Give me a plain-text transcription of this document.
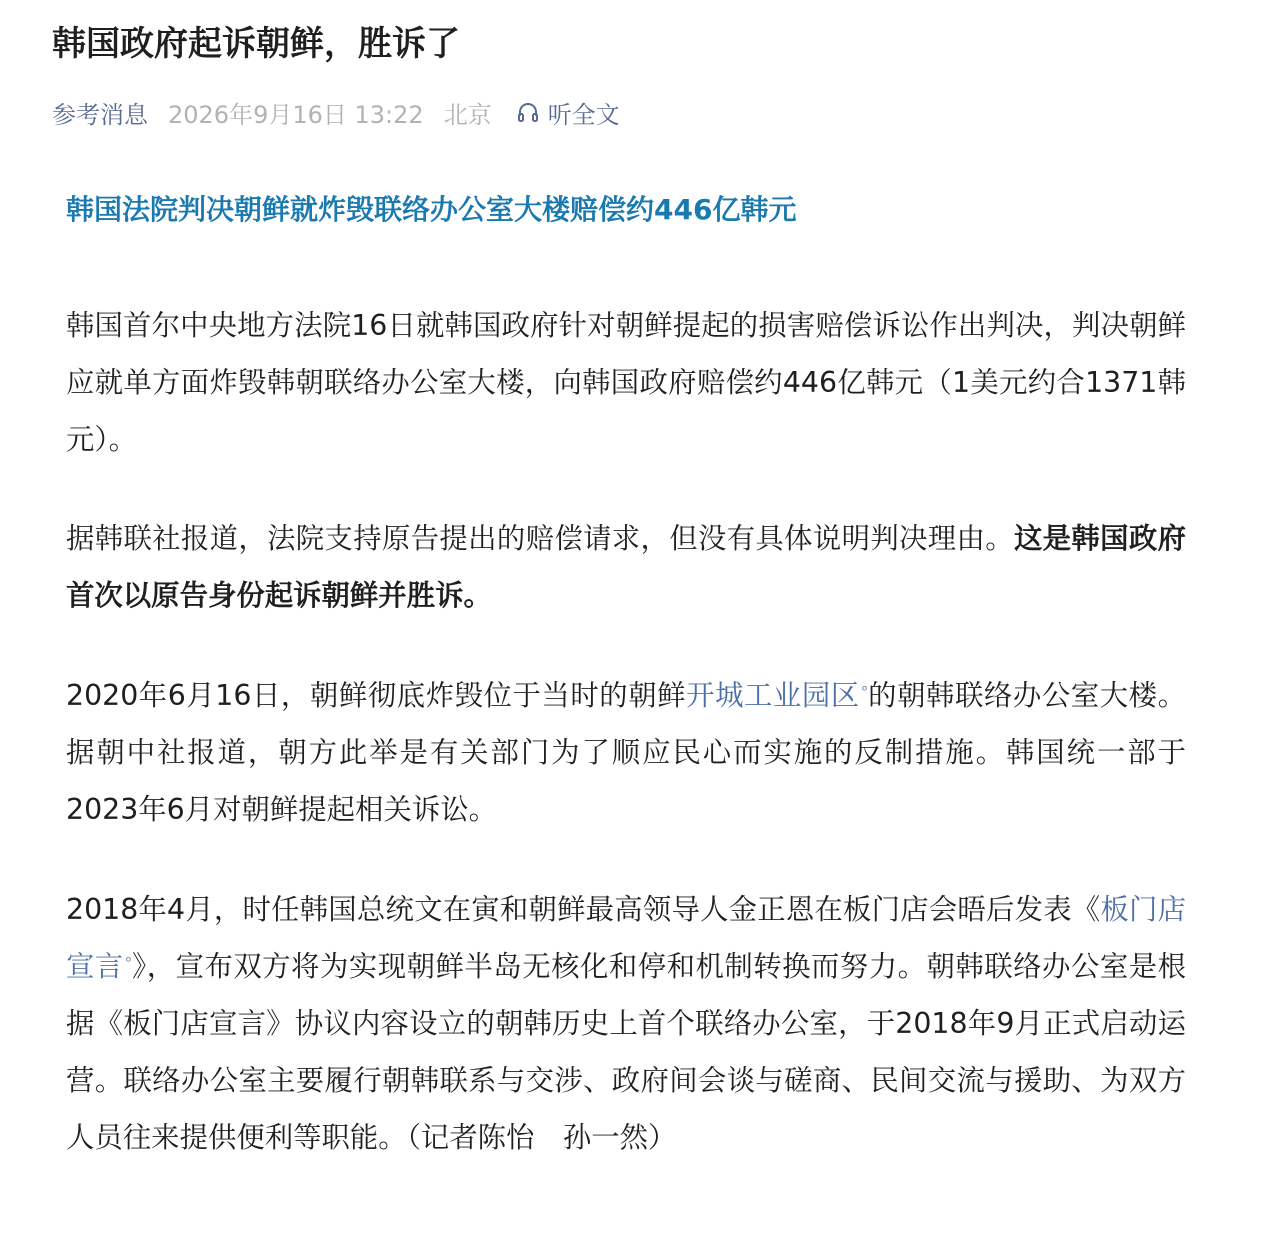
韩国政府起诉朝鲜，胜诉了
参考消息 2026年9月16日 13:22 北京 听全文
韩国法院判决朝鲜就炸毁联络办公室大楼赔偿约446亿韩元

韩国首尔中央地方法院16日就韩国政府针对朝鲜提起的损害赔偿诉讼作出判决，判决朝鲜应就单方面炸毁韩朝联络办公室大楼，向韩国政府赔偿约446亿韩元（1美元约合1371韩元）。

据韩联社报道，法院支持原告提出的赔偿请求，但没有具体说明判决理由。这是韩国政府首次以原告身份起诉朝鲜并胜诉。

2020年6月16日，朝鲜彻底炸毁位于当时的朝鲜开城工业园区 ᵒ的朝韩联络办公室大楼。据朝中社报道，朝方此举是有关部门为了顺应民心而实施的反制措施。韩国统一部于2023年6月对朝鲜提起相关诉讼。

2018年4月，时任韩国总统文在寅和朝鲜最高领导人金正恩在板门店会晤后发表《板门店宣言 ᵒ》，宣布双方将为实现朝鲜半岛无核化和停和机制转换而努力。朝韩联络办公室是根据《板门店宣言》协议内容设立的朝韩历史上首个联络办公室，于2018年9月正式启动运营。联络办公室主要履行朝韩联系与交涉、政府间会谈与磋商、民间交流与援助、为双方人员往来提供便利等职能。（记者陈怡　孙一然）
